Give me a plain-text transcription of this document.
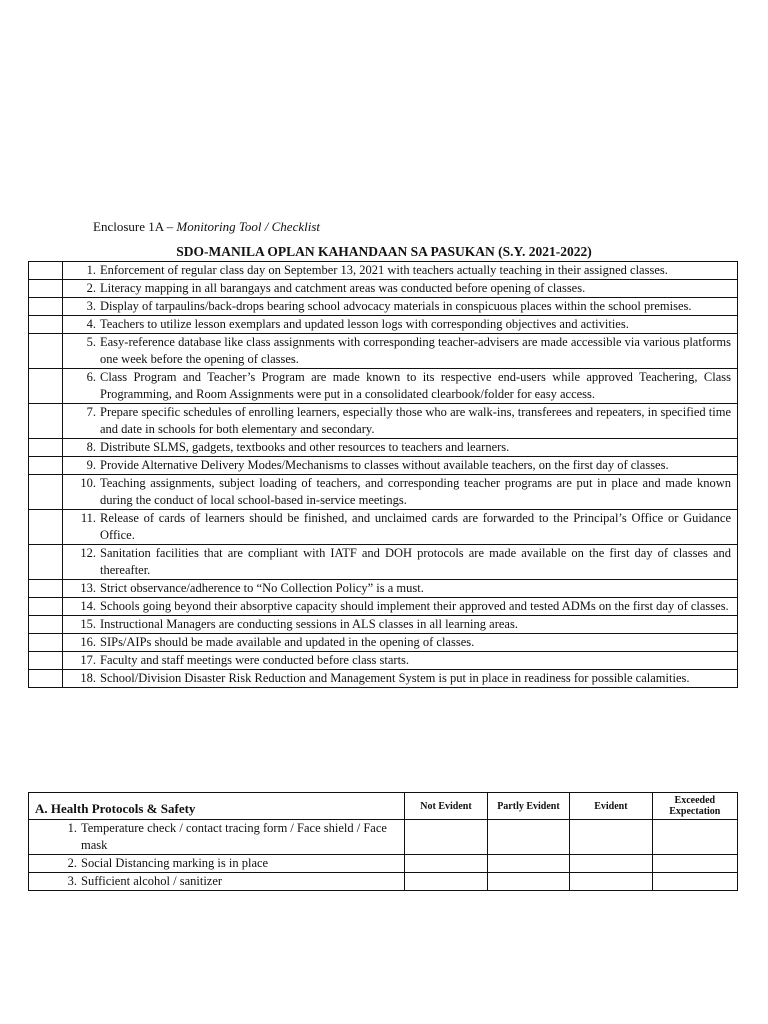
Enclosure 1A – Monitoring Tool / Checklist
SDO-MANILA OPLAN KAHANDAAN SA PASUKAN (S.Y. 2021-2022)

	1. Enforcement of regular class day on September 13, 2021 with teachers actually teaching in their assigned classes.

	2. Literacy mapping in all barangays and catchment areas was conducted before opening of classes.

	3. Display of tarpaulins/back-drops bearing school advocacy materials in conspicuous places within the school premises.

	4. Teachers to utilize lesson exemplars and updated lesson logs with corresponding objectives and activities.

	5. Easy-reference database like class assignments with corresponding teacher-advisers are made accessible via various platforms one week before the opening of classes.

	6. Class Program and Teacher’s Program are made known to its respective end-users while approved Teachering, Class Programming, and Room Assignments were put in a consolidated clearbook/folder for easy access.

	7. Prepare specific schedules of enrolling learners, especially those who are walk-ins, transferees and repeaters, in specified time and date in schools for both elementary and secondary.

	8. Distribute SLMS, gadgets, textbooks and other resources to teachers and learners.

	9. Provide Alternative Delivery Modes/Mechanisms to classes without available teachers, on the first day of classes.

	10. Teaching assignments, subject loading of teachers, and corresponding teacher programs are put in place and made known during the conduct of local school-based in-service meetings.

	11. Release of cards of learners should be finished, and unclaimed cards are forwarded to the Principal’s Office or Guidance Office.

	12. Sanitation facilities that are compliant with IATF and DOH protocols are made available on the first day of classes and thereafter.

	13. Strict observance/adherence to “No Collection Policy” is a must.

	14. Schools going beyond their absorptive capacity should implement their approved and tested ADMs on the first day of classes.

	15. Instructional Managers are conducting sessions in ALS classes in all learning areas.

	16. SIPs/AIPs should be made available and updated in the opening of classes.

	17. Faculty and staff meetings were conducted before class starts.

	18. School/Division Disaster Risk Reduction and Management System is put in place in readiness for possible calamities.
A. Health Protocols & Safety	Not Evident	Partly Evident	Evident	Exceeded Expectation

1. Temperature check / contact tracing form / Face shield / Face mask				

2. Social Distancing marking is in place				

3. Sufficient alcohol / sanitizer				
